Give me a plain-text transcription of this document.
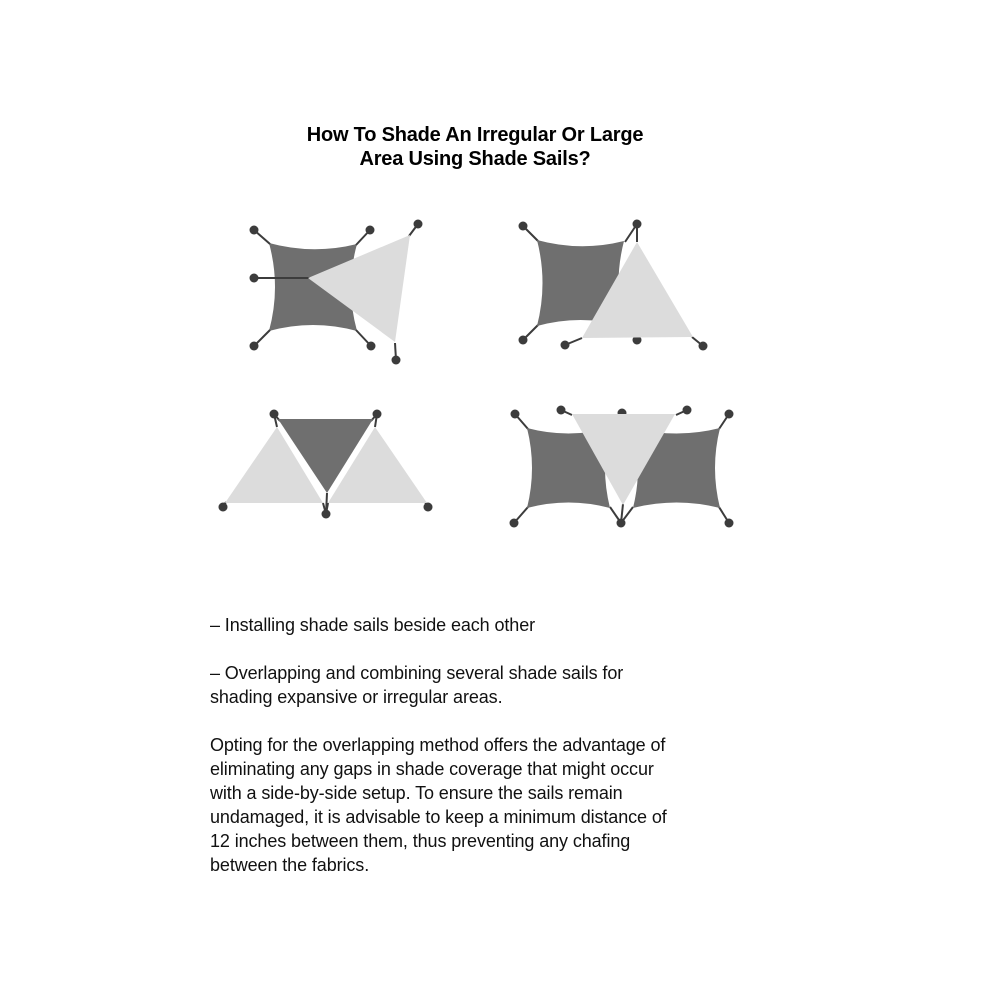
How To Shade An Irregular Or Large
Area Using Shade Sails?
– Installing shade sails beside each other
– Overlapping and combining several shade sails for
shading expansive or irregular areas.
Opting for the overlapping method offers the advantage of
eliminating any gaps in shade coverage that might occur
with a side-by-side setup. To ensure the sails remain
undamaged, it is advisable to keep a minimum distance of
12 inches between them, thus preventing any chafing
between the fabrics.
